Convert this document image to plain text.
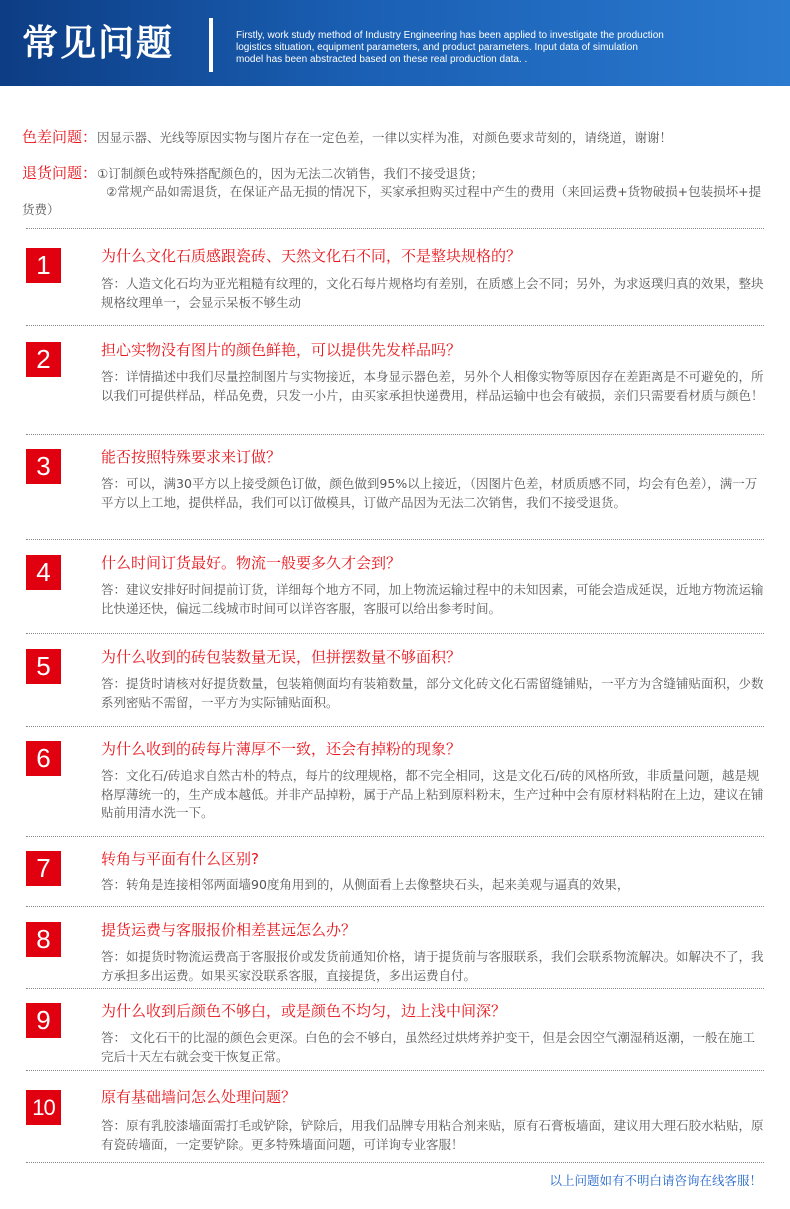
常见问题	Firstly, work study method of Industry Engineering has been applied to investigate the production logistics situation, equipment parameters, and product parameters. Input data of simulation model has been abstracted based on these real production data. .
色差问题：因显示器、光线等原因实物与图片存在一定色差，一律以实样为准，对颜色要求苛刻的，请绕道，谢谢！
退货问题：①订制颜色或特殊搭配颜色的，因为无法二次销售，我们不接受退货；
②常规产品如需退货，在保证产品无损的情况下，买家承担购买过程中产生的费用（来回运费+货物破损+包装损坏+提货费）
1	为什么文化石质感跟瓷砖、天然文化石不同，不是整块规格的？
答：人造文化石均为亚光粗糙有纹理的，文化石每片规格均有差别，在质感上会不同；另外，为求返璞归真的效果，整块规格纹理单一，会显示呆板不够生动
2	担心实物没有图片的颜色鲜艳，可以提供先发样品吗？
答：详情描述中我们尽量控制图片与实物接近，本身显示器色差，另外个人相像实物等原因存在差距离是不可避免的，所以我们可提供样品，样品免费，只发一小片，由买家承担快递费用，样品运输中也会有破损，亲们只需要看材质与颜色！
3	能否按照特殊要求来订做？
答：可以，满30平方以上接受颜色订做，颜色做到95%以上接近，（因图片色差，材质质感不同，均会有色差），满一万平方以上工地，提供样品，我们可以订做模具，订做产品因为无法二次销售，我们不接受退货。
4	什么时间订货最好。物流一般要多久才会到？
答：建议安排好时间提前订货，详细每个地方不同，加上物流运输过程中的未知因素，可能会造成延误，近地方物流运输比快递还快，偏远二线城市时间可以详咨客服，客服可以给出参考时间。
5	为什么收到的砖包装数量无误，但拼摆数量不够面积？
答：提货时请核对好提货数量，包装箱侧面均有装箱数量，部分文化砖文化石需留缝铺贴，一平方为含缝铺贴面积，少数系列密贴不需留，一平方为实际铺贴面积。
6	为什么收到的砖每片薄厚不一致，还会有掉粉的现象？
答：文化石/砖追求自然古朴的特点，每片的纹理规格，都不完全相同，这是文化石/砖的风格所致，非质量问题，越是规格厚薄统一的，生产成本越低。并非产品掉粉，属于产品上粘到原料粉末，生产过种中会有原材料粘附在上边，建议在铺贴前用清水洗一下。
7	转角与平面有什么区别?
答：转角是连接相邻两面墙90度角用到的，从侧面看上去像整块石头，起来美观与逼真的效果，
8	提货运费与客服报价相差甚远怎么办？
答：如提货时物流运费高于客服报价或发货前通知价格，请于提货前与客服联系，我们会联系物流解决。如解决不了，我方承担多出运费。如果买家没联系客服，直接提货，多出运费自付。
9	为什么收到后颜色不够白，或是颜色不均匀，边上浅中间深？
答： 文化石干的比湿的颜色会更深。白色的会不够白，虽然经过烘烤养护变干，但是会因空气潮湿稍返潮，一般在施工完后十天左右就会变干恢复正常。
10	原有基础墙问怎么处理问题？
答：原有乳胶漆墙面需打毛或铲除，铲除后，用我们品牌专用粘合剂来贴，原有石膏板墙面，建议用大理石胶水粘贴，原有瓷砖墙面，一定要铲除。更多特殊墙面问题，可详询专业客服！
以上问题如有不明白请咨询在线客服！
